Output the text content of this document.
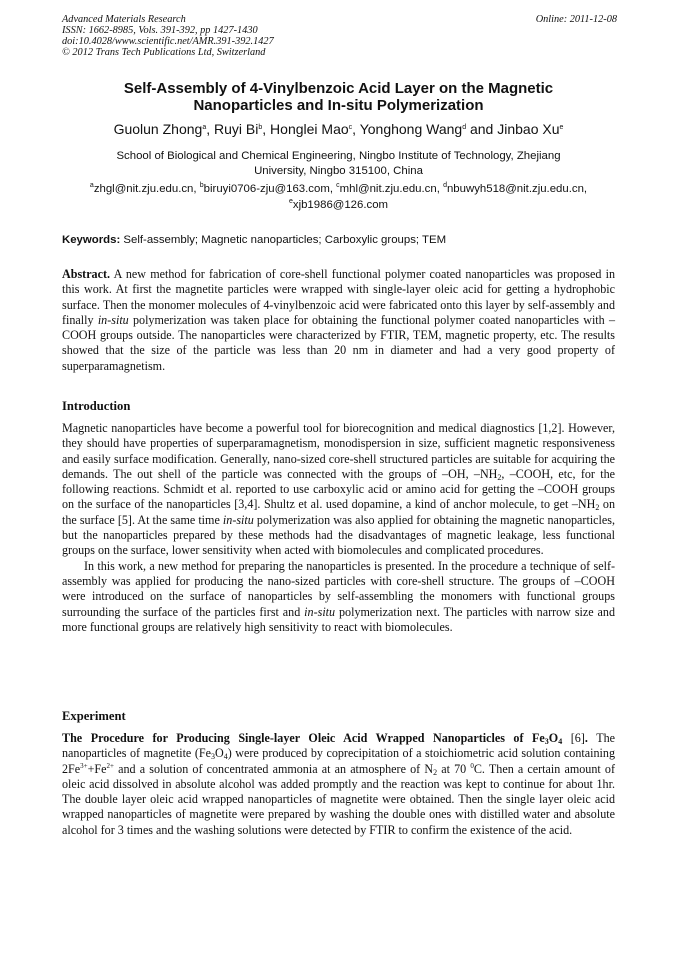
Advanced Materials Research
ISSN: 1662-8985, Vols. 391-392, pp 1427-1430
doi:10.4028/www.scientific.net/AMR.391-392.1427
© 2012 Trans Tech Publications Ltd, Switzerland
Online: 2011-12-08
Self-Assembly of 4-Vinylbenzoic Acid Layer on the Magnetic
Nanoparticles and In-situ Polymerization
Guolun Zhong$^a$, Ruyi Bi$^b$, Honglei Mao$^c$, Yonghong Wang$^d$ and Jinbao Xu$^e$
School of Biological and Chemical Engineering, Ningbo Institute of Technology, Zhejiang
University, Ningbo 315100, China
$^a$zhgl@nit.zju.edu.cn, $^b$biruyi0706-zju@163.com, $^c$mhl@nit.zju.edu.cn, $^d$nbuwyh518@nit.zju.edu.cn,
$^e$xjb1986@126.com
Keywords: Self-assembly; Magnetic nanoparticles; Carboxylic groups; TEM

Abstract. A new method for fabrication of core-shell functional polymer coated nanoparticles was proposed in this work. At first the magnetite particles were wrapped with single-layer oleic acid for getting a hydrophobic surface. Then the monomer molecules of 4-vinylbenzoic acid were fabricated onto this layer by self-assembly and finally in-situ polymerization was taken place for obtaining the functional polymer coated nanoparticles with –COOH groups outside. The nanoparticles were characterized by FTIR, TEM, magnetic property, etc. The results showed that the size of the particle was less than 20 nm in diameter and had a very good property of superparamagnetism.

Introduction

Magnetic nanoparticles have become a powerful tool for biorecognition and medical diagnostics [1,2]. However, they should have properties of superparamagnetism, monodispersion in size, sufficient magnetic responsiveness and easily surface modification. Generally, nano-sized core-shell structured particles are suitable for acquiring the demands. The out shell of the particle was connected with the groups of –OH, $-NH_2$, –COOH, etc, for the following reactions. Schmidt et al. reported to use carboxylic acid or amino acid for getting the –COOH groups on the surface of the nanoparticles [3,4]. Shultz et al. used dopamine, a kind of anchor molecule, to get $-NH_2$ on the surface [5]. At the same time in-situ polymerization was also applied for obtaining the magnetic nanoparticles, but the nanoparticles prepared by these methods had the disadvantages of magnetic leakage, less functional groups on the surface, lower sensitivity when acted with biomolecules and complicated procedures.

In this work, a new method for preparing the nanoparticles is presented. In the procedure a technique of self-assembly was applied for producing the nano-sized particles with core-shell structure. The groups of –COOH were introduced on the surface of nanoparticles by self-assembling the monomers with functional groups surrounding the surface of the particles first and in-situ polymerization next. The particles with narrow size and more functional groups are relatively high sensitivity to react with biomolecules.

Experiment

The Procedure for Producing Single-layer Oleic Acid Wrapped Nanoparticles of $Fe_3O_4$ [6]. The nanoparticles of magnetite $(Fe_3O_4)$ were produced by coprecipitation of a stoichiometric acid solution containing $2Fe^{3+}+Fe^{2+}$ and a solution of concentrated ammonia at an atmosphere of $N_2$ at 70 $^0$C. Then a certain amount of oleic acid dissolved in absolute alcohol was added promptly and the reaction was kept to continue for about 1hr. The double layer oleic acid wrapped nanoparticles of magnetite were obtained. Then the single layer oleic acid wrapped nanoparticles of magnetite were prepared by washing the double ones with distilled water and absolute alcohol for 3 times and the washing solutions were detected by FTIR to confirm the existence of the acid.
